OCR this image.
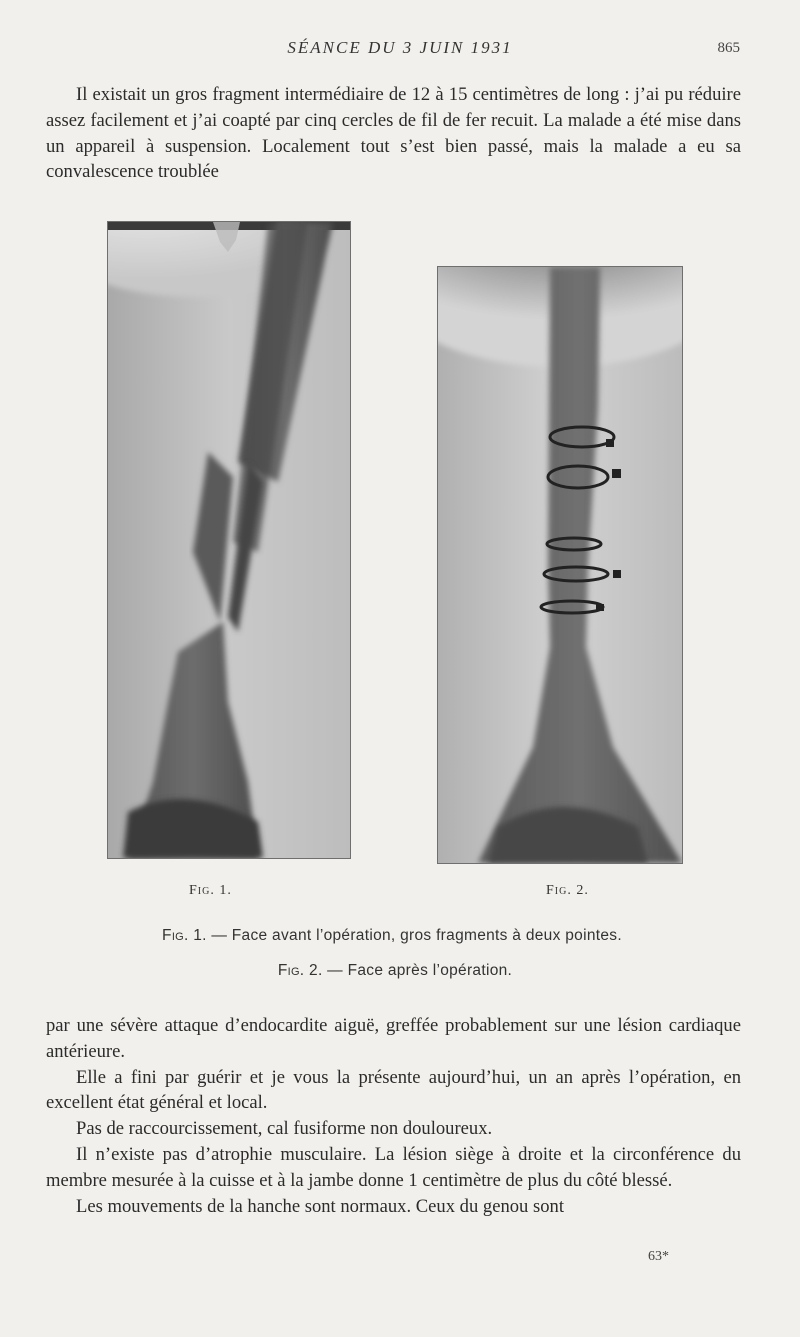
SÉANCE DU 3 JUIN 1931	865

Il existait un gros fragment intermédiaire de 12 à 15 centimètres de long : j’ai pu réduire assez facilement et j’ai coapté par cinq cercles de fil de fer recuit. La malade a été mise dans un appareil à suspension. Localement tout s’est bien passé, mais la malade a eu sa convalescence troublée

Fig. 1.	Fig. 2.
Fig. 1. — Face avant l’opération, gros fragments à deux pointes.
Fig. 2. — Face après l’opération.

par une sévère attaque d’endocardite aiguë, greffée probablement sur une lésion cardiaque antérieure.

Elle a fini par guérir et je vous la présente aujourd’hui, un an après l’opération, en excellent état général et local.

Pas de raccourcissement, cal fusiforme non douloureux.

Il n’existe pas d’atrophie musculaire. La lésion siège à droite et la circonférence du membre mesurée à la cuisse et à la jambe donne 1 centimètre de plus du côté blessé.

Les mouvements de la hanche sont normaux. Ceux du genou sont

63*
